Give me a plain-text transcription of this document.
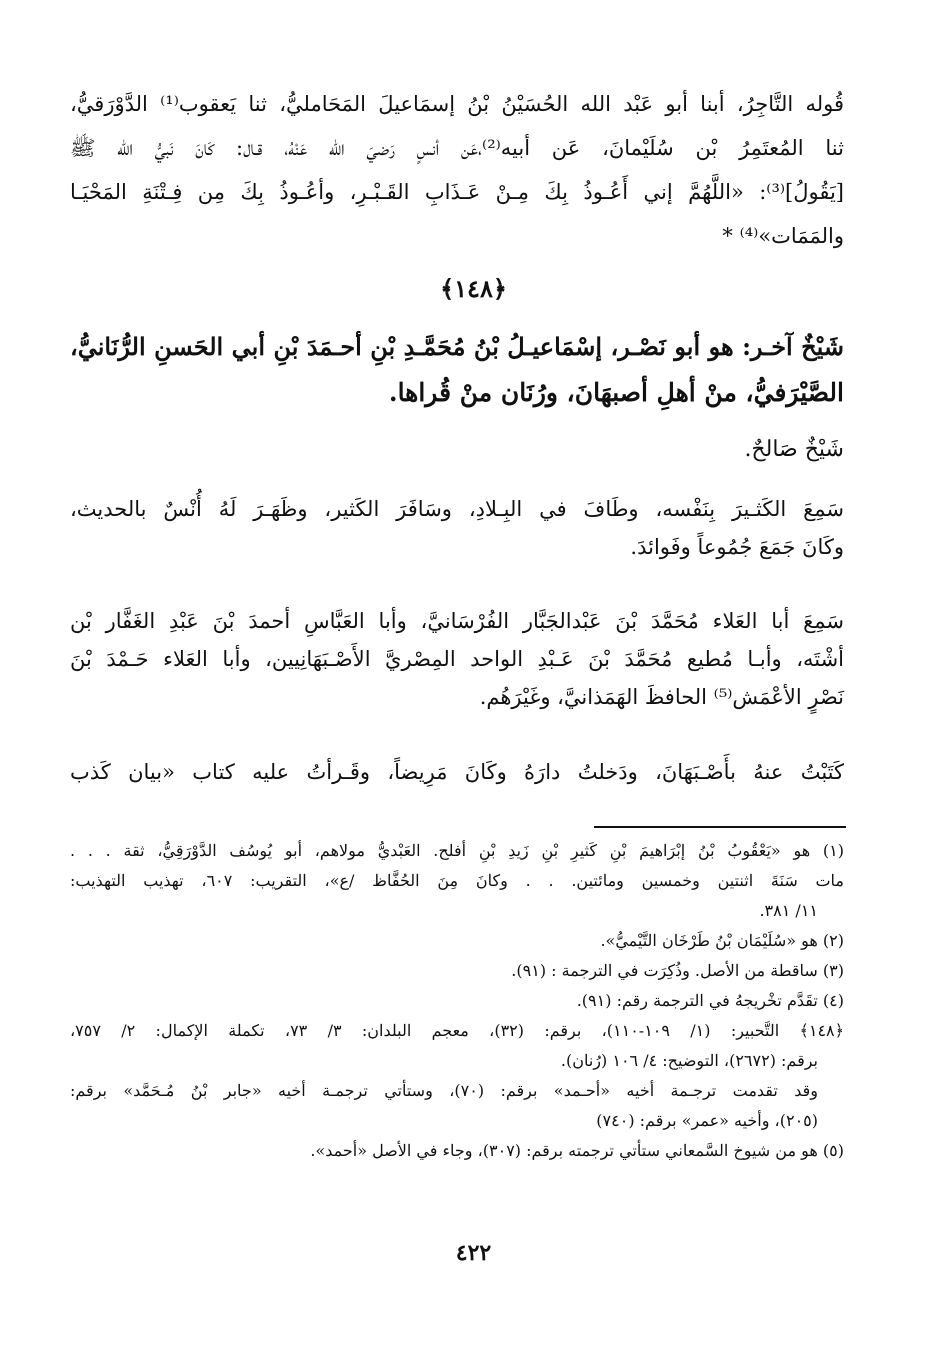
قُوله التَّاجِرُ، أبنا أبو عَبْد الله الحُسَيْنُ بْنُ إسمَاعيلَ المَحَامليُّ، ثنا يَعقوب⁽¹⁾ الدَّوْرَقيُّ،
ثنا المُعتَمِرُ بْن سُلَيْمانَ، عَن أبيه⁽²⁾،عَن أنسٍ رَضيَ الله عَنْهُ، قـال: كَانَ نَبيُّ الله ﷺ
[يَقُولُ]⁽³⁾: «اللَّهُمَّ إني أَعُـوذُ بِكَ مِـنْ عَـذَابِ القَـبْـرِ، وأعُـوذُ بِكَ مِن فِـتْنَةِ المَحْيَـا
والمَمَات»⁽⁴⁾ *
﴿١٤٨﴾
شَيْخٌ آخـر: هو أبو نَصْـر، إسْمَاعيـلُ بْنُ مُحَمَّـدِ بْنِ أحـمَدَ بْنِ أبي الحَسنِ الرُّنَانيُّ،
الصَّيْرَفيُّ، منْ أهلِ أصبهَانَ، ورُنَان منْ قُراها.
شَيْخٌ صَالحٌ.
سَمِعَ الكَثـيرَ بِنَفْسه، وطَافَ في البِـلادِ، وسَافَرَ الكَثير، وظَهَـرَ لَهُ أُنْسٌ بالحديث،
وكَانَ جَمَعَ جُمُوعاً وفَوائدَ.
سَمِعَ أبا العَلاء مُحَمَّدَ بْنَ عَبْدالجَبَّار الفُرْسَانيَّ، وأبا العَبَّاسِ أحمدَ بْنَ عَبْدِ الغَفَّار بْن
أشْتَه، وأبـا مُطيع مُحَمَّدَ بْنَ عَـبْدِ الواحد المِصْريَّ الأَصْـبَهَانِيين، وأبا العَلاء حَـمْدَ بْنَ
نَصْرٍ الأعْمَش⁽⁵⁾ الحافظَ الهَمَذانيَّ، وغَيْرَهُم.
كَتَبْتُ عنهُ بأَصْـبَهَانَ، ودَخلتُ دارَهُ وكَانَ مَرِيضاً، وقَـرأتُ عليه كتاب «بيان كَذب
(١) هو «يَعْقُوبُ بْنُ إبْرَاهيمَ بْنِ كَثيرِ بْنِ زَيدِ بْنِ أفلح. العَبْديُّ مولاهم، أبو يُوسُف الدَّوْرَقِيُّ، ثقة . . .
مات سَنَةَ اثنتين وخمسين ومائتين. . . وكانَ مِنَ الحُفَّاظ /ع»، التقريب: ٦٠٧، تهذيب التهذيب:
١١/ ٣٨١.
(٢) هو «سُلَيْمَان بْنُ طَرْخَان التَّيْميُّ».
(٣) ساقطة من الأصل. وذُكِرَت في الترجمة : (٩١).
(٤) تقَدَّم تخْريجهُ في الترجمة رقم: (٩١).
﴿١٤٨﴾ التَّحبير: (١/ ١٠٩-١١٠)، برقم: (٣٢)، معجم البلدان: ٣/ ٧٣، تكملة الإكمال: ٢/ ٧٥٧،
برقم: (٢٦٧٢)، التوضيح: ٤/ ١٠٦ (رُنان).
وقد تقدمت ترجـمة أخيه «أحـمد» برقم: (٧٠)، وستأتي ترجمـة أخيه «جابر بْنُ مُـحَمَّد» برقم:
(٢٠٥)، وأخيه «عمر» برقم: (٧٤٠)
(٥) هو من شيوخ السَّمعاني ستأتي ترجمته برقم: (٣٠٧)، وجاء في الأصل «أحمد».
٤٢٢
